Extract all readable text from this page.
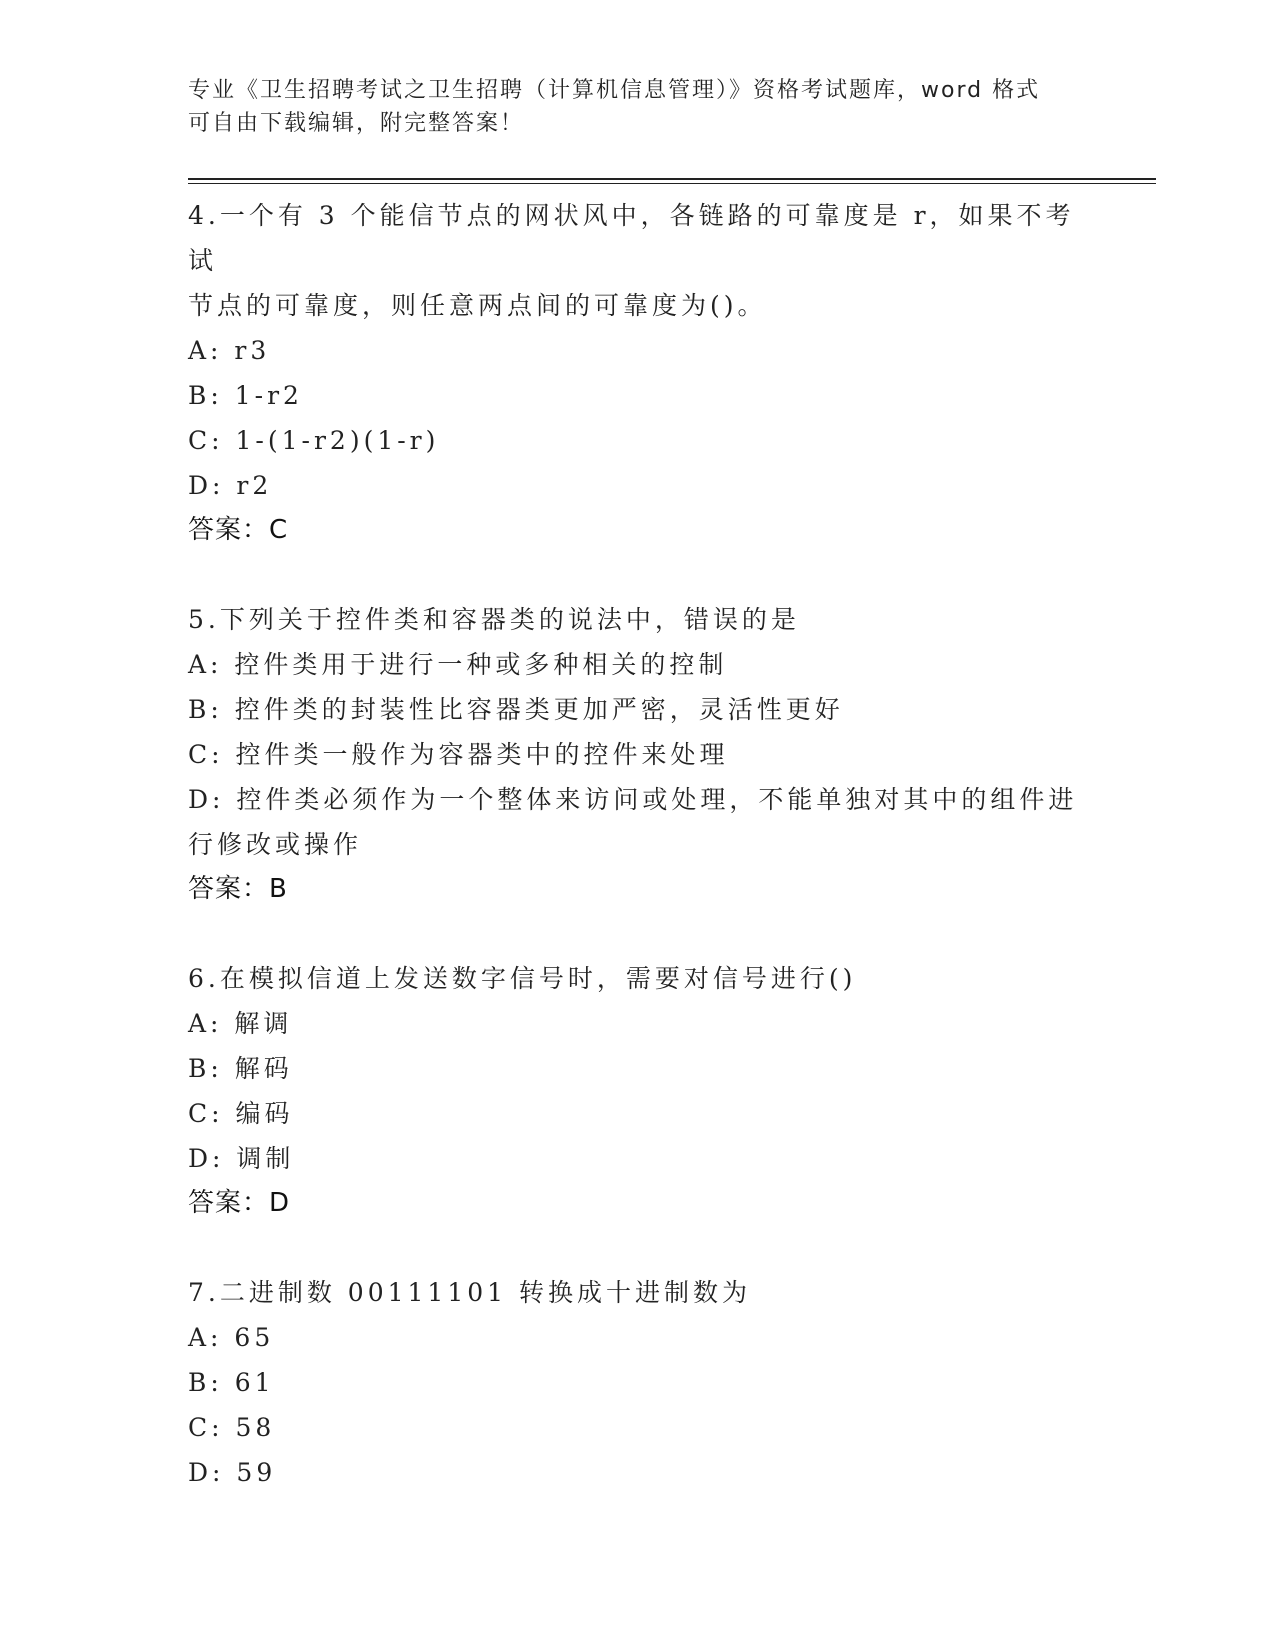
专业《卫生招聘考试之卫生招聘（计算机信息管理）》资格考试题库，word 格式
可自由下载编辑，附完整答案！

4.一个有 3 个能信节点的网状风中，各链路的可靠度是 r，如果不考试

节点的可靠度，则任意两点间的可靠度为()。

A: r3

B: 1-r2

C: 1-(1-r2)(1-r)

D: r2

答案：C

5.下列关于控件类和容器类的说法中，错误的是

A: 控件类用于进行一种或多种相关的控制

B: 控件类的封装性比容器类更加严密，灵活性更好

C: 控件类一般作为容器类中的控件来处理

D: 控件类必须作为一个整体来访问或处理，不能单独对其中的组件进

行修改或操作

答案：B

6.在模拟信道上发送数字信号时，需要对信号进行()

A: 解调

B: 解码

C: 编码

D: 调制

答案：D

7.二进制数 00111101 转换成十进制数为

A: 65

B: 61

C: 58

D: 59
